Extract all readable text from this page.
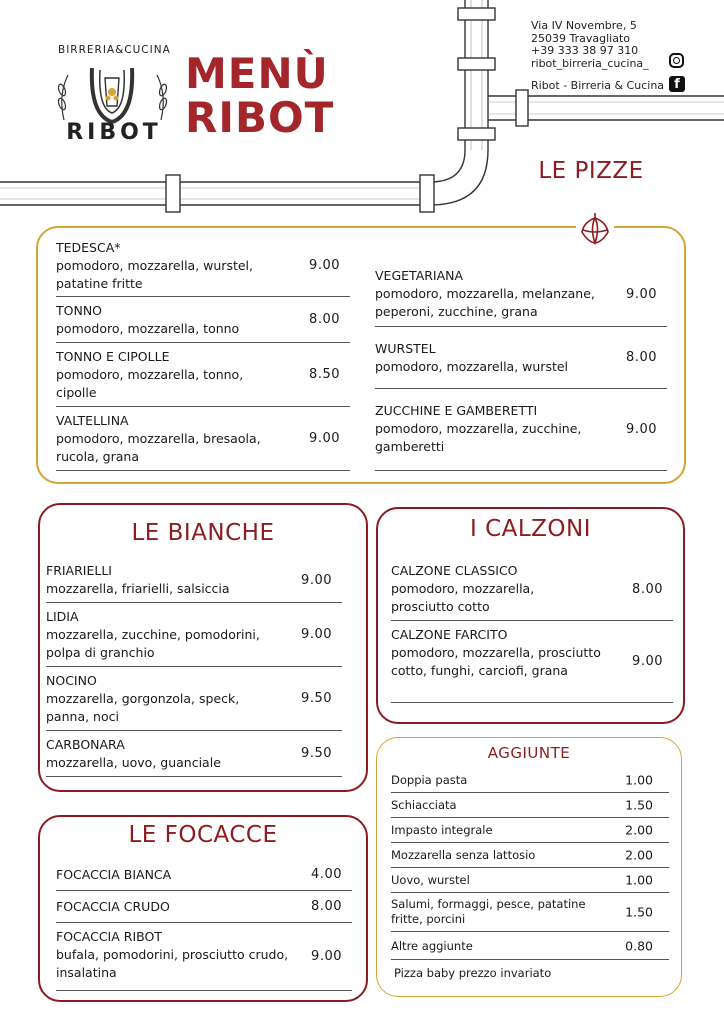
BIRRERIA&CUCINA
RIBOT
MENÙ
RIBOT
Via IV Novembre, 5
25039 Travagliato
+39 333 38 97 310
ribot_birreria_cucina_
Ribot - Birreria & Cucina f
LE PIZZE
TEDESCA*
pomodoro, mozzarella, wurstel, patatine fritte
9.00
TONNO
pomodoro, mozzarella, tonno
8.00
TONNO E CIPOLLE
pomodoro, mozzarella, tonno, cipolle
8.50
VALTELLINA
pomodoro, mozzarella, bresaola, rucola, grana
9.00
VEGETARIANA
pomodoro, mozzarella, melanzane, peperoni, zucchine, grana
9.00
WURSTEL
pomodoro, mozzarella, wurstel
8.00
ZUCCHINE E GAMBERETTI
pomodoro, mozzarella, zucchine, gamberetti
9.00
LE BIANCHE
FRIARIELLI
mozzarella, friarielli, salsiccia
9.00
LIDIA
mozzarella, zucchine, pomodorini, polpa di granchio
9.00
NOCINO
mozzarella, gorgonzola, speck, panna, noci
9.50
CARBONARA
mozzarella, uovo, guanciale
9.50
I CALZONI
CALZONE CLASSICO
pomodoro, mozzarella, prosciutto cotto
8.00
CALZONE FARCITO
pomodoro, mozzarella, prosciutto cotto, funghi, carciofi, grana
9.00
LE FOCACCE
FOCACCIA BIANCA	4.00
FOCACCIA CRUDO	8.00
FOCACCIA RIBOT
bufala, pomodorini, prosciutto crudo, insalatina
9.00
AGGIUNTE
Doppia pasta	1.00
Schiacciata	1.50
Impasto integrale	2.00
Mozzarella senza lattosio	2.00
Uovo, wurstel	1.00
Salumi, formaggi, pesce, patatine fritte, porcini	1.50
Altre aggiunte	0.80
Pizza baby prezzo invariato
